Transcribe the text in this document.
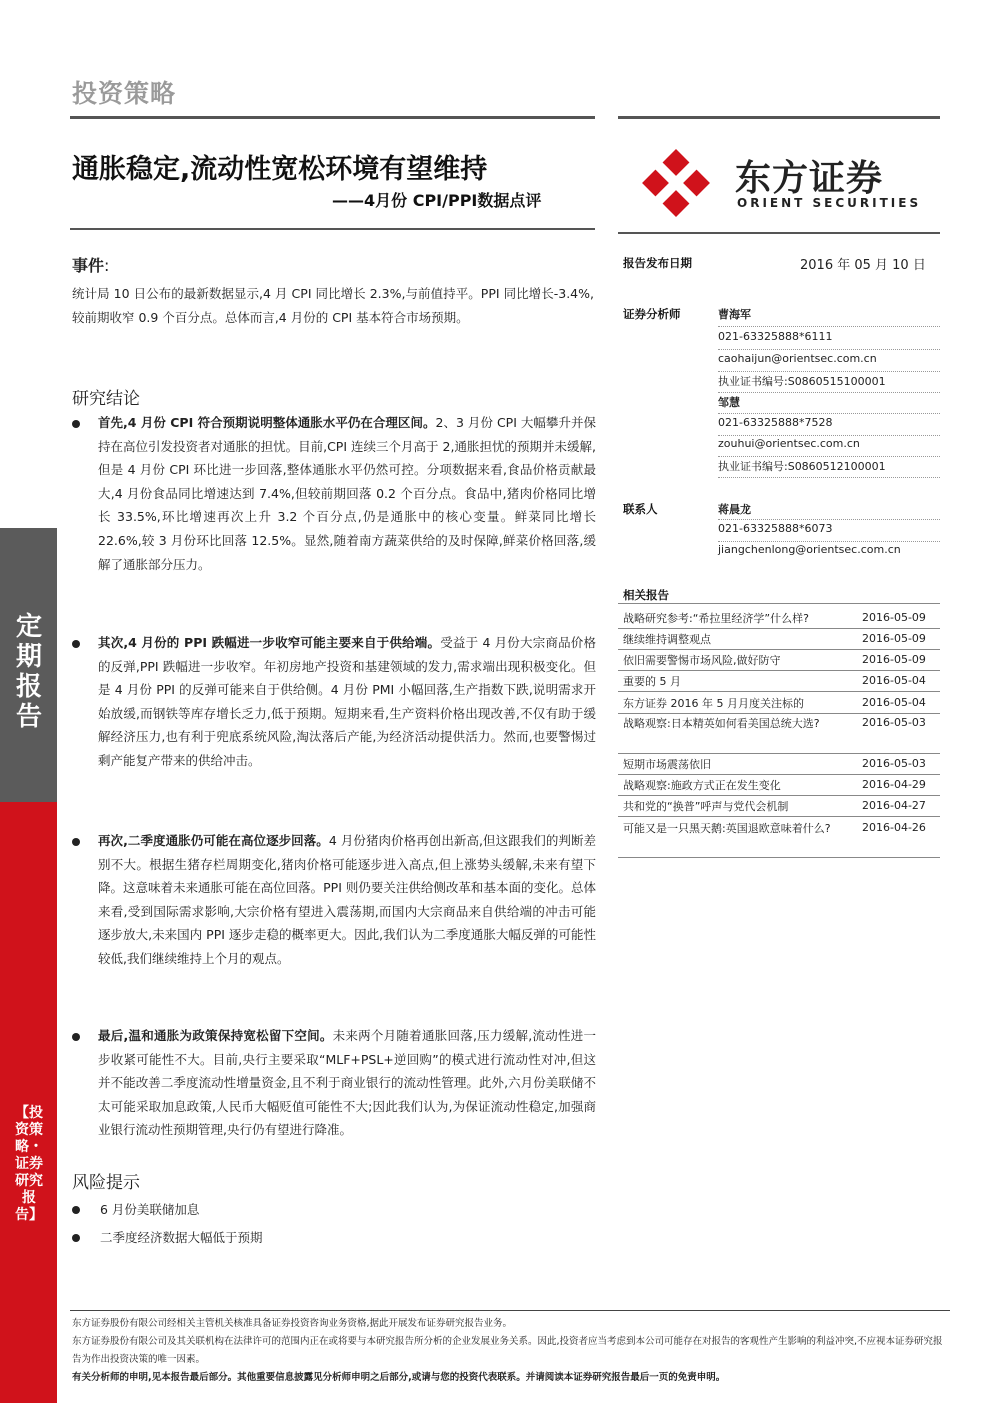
定期报告
【投资策略・证券研究报告】
投资策略
通胀稳定,流动性宽松环境有望维持
——4月份 CPI/PPI数据点评
东方证券
ORIENT SECURITIES
事件:
统计局 10 日公布的最新数据显示,4 月 CPI 同比增长 2.3%,与前值持平。PPI 同比增长-3.4%,较前期收窄 0.9 个百分点。总体而言,4 月份的 CPI 基本符合市场预期。
研究结论
首先,4 月份 CPI 符合预期说明整体通胀水平仍在合理区间。2、3 月份 CPI 大幅攀升并保持在高位引发投资者对通胀的担忧。目前,CPI 连续三个月高于 2,通胀担忧的预期并未缓解,但是 4 月份 CPI 环比进一步回落,整体通胀水平仍然可控。分项数据来看,食品价格贡献最大,4 月份食品同比增速达到 7.4%,但较前期回落 0.2 个百分点。食品中,猪肉价格同比增长 33.5%,环比增速再次上升 3.2 个百分点,仍是通胀中的核心变量。鲜菜同比增长 22.6%,较 3 月份环比回落 12.5%。显然,随着南方蔬菜供给的及时保障,鲜菜价格回落,缓解了通胀部分压力。
其次,4 月份的 PPI 跌幅进一步收窄可能主要来自于供给端。受益于 4 月份大宗商品价格的反弹,PPI 跌幅进一步收窄。年初房地产投资和基建领域的发力,需求端出现积极变化。但是 4 月份 PPI 的反弹可能来自于供给侧。4 月份 PMI 小幅回落,生产指数下跌,说明需求开始放缓,而钢铁等库存增长乏力,低于预期。短期来看,生产资料价格出现改善,不仅有助于缓解经济压力,也有利于兜底系统风险,淘汰落后产能,为经济活动提供活力。然而,也要警惕过剩产能复产带来的供给冲击。
再次,二季度通胀仍可能在高位逐步回落。4 月份猪肉价格再创出新高,但这跟我们的判断差别不大。根据生猪存栏周期变化,猪肉价格可能逐步进入高点,但上涨势头缓解,未来有望下降。这意味着未来通胀可能在高位回落。PPI 则仍要关注供给侧改革和基本面的变化。总体来看,受到国际需求影响,大宗价格有望进入震荡期,而国内大宗商品来自供给端的冲击可能逐步放大,未来国内 PPI 逐步走稳的概率更大。因此,我们认为二季度通胀大幅反弹的可能性较低,我们继续维持上个月的观点。
最后,温和通胀为政策保持宽松留下空间。未来两个月随着通胀回落,压力缓解,流动性进一步收紧可能性不大。目前,央行主要采取“MLF+PSL+逆回购”的模式进行流动性对冲,但这并不能改善二季度流动性增量资金,且不利于商业银行的流动性管理。此外,六月份美联储不太可能采取加息政策,人民币大幅贬值可能性不大;因此我们认为,为保证流动性稳定,加强商业银行流动性预期管理,央行仍有望进行降准。
风险提示
6 月份美联储加息
二季度经济数据大幅低于预期
报告发布日期	2016 年 05 月 10 日
证券分析师	曹海军
021-63325888*6111
caohaijun@orientsec.com.cn
执业证书编号:S0860515100001
邹慧
021-63325888*7528
zouhui@orientsec.com.cn
执业证书编号:S0860512100001
联系人	蒋晨龙
021-63325888*6073
jiangchenlong@orientsec.com.cn
相关报告
战略研究参考:“希拉里经济学”什么样?	2016-05-09
继续维持调整观点	2016-05-09
依旧需要警惕市场风险,做好防守	2016-05-09
重要的 5 月	2016-05-04
东方证券 2016 年 5 月月度关注标的	2016-05-04
战略观察:日本精英如何看美国总统大选?	2016-05-03
短期市场震荡依旧	2016-05-03
战略观察:施政方式正在发生变化	2016-04-29
共和党的“换普”呼声与党代会机制	2016-04-27
可能又是一只黑天鹅:英国退欧意味着什么?	2016-04-26
东方证券股份有限公司经相关主管机关核准具备证券投资咨询业务资格,据此开展发布证券研究报告业务。
东方证券股份有限公司及其关联机构在法律许可的范围内正在或将要与本研究报告所分析的企业发展业务关系。因此,投资者应当考虑到本公司可能存在对报告的客观性产生影响的利益冲突,不应视本证券研究报告为作出投资决策的唯一因素。
有关分析师的申明,见本报告最后部分。其他重要信息披露见分析师申明之后部分,或请与您的投资代表联系。并请阅读本证券研究报告最后一页的免责申明。
